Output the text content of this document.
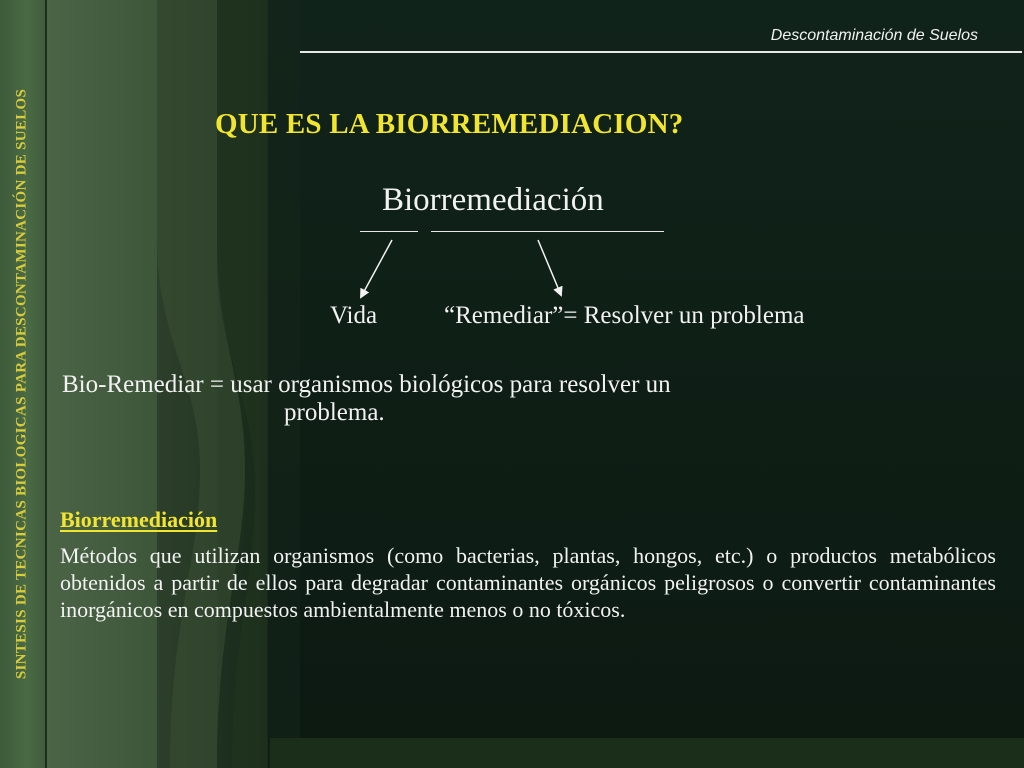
SINTESIS DE TECNICAS BIOLOGICAS PARA DESCONTAMINACIÓN DE SUELOS

Descontaminación de Suelos

QUE ES LA BIORREMEDIACION?

Biorremediación

Vida	“Remediar”= Resolver un problema

Bio-Remediar = usar organismos biológicos para resolver un
problema.

Biorremediación

Métodos que utilizan organismos (como bacterias, plantas, hongos, etc.) o productos metabólicos obtenidos a partir de ellos para degradar contaminantes orgánicos peligrosos o convertir contaminantes inorgánicos en compuestos ambientalmente menos o no tóxicos.
